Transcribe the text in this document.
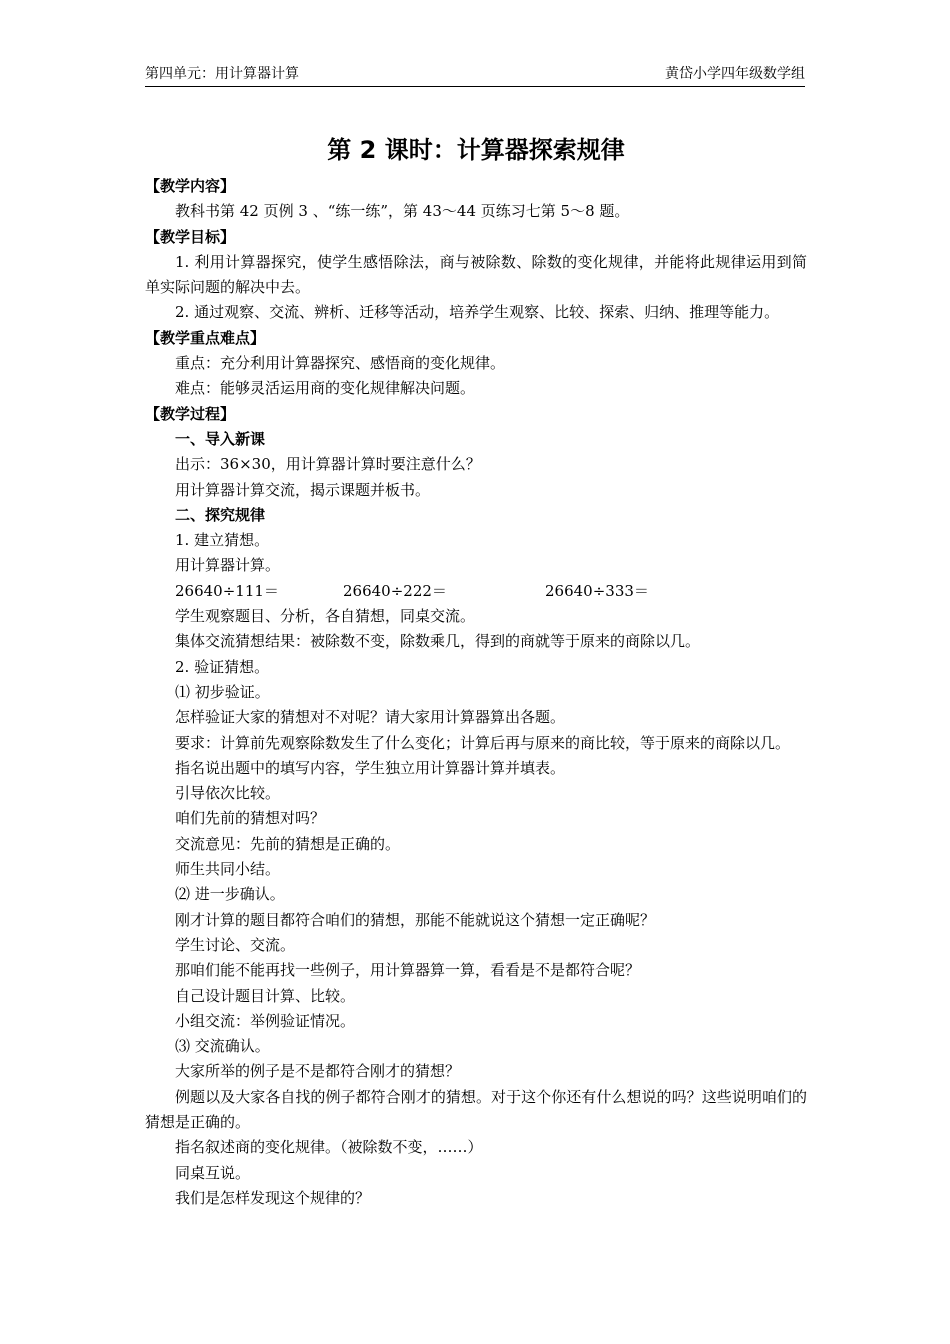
第四单元：用计算器计算	黄岱小学四年级数学组
第 2 课时：计算器探索规律

【教学内容】

教科书第 42 页例 3 、“练一练”，第 43～44 页练习七第 5～8 题。

【教学目标】

1. 利用计算器探究，使学生感悟除法，商与被除数、除数的变化规律，并能将此规律运用到简单实际问题的解决中去。

2. 通过观察、交流、辨析、迁移等活动，培养学生观察、比较、探索、归纳、推理等能力。

【教学重点难点】

重点：充分利用计算器探究、感悟商的变化规律。

难点：能够灵活运用商的变化规律解决问题。

【教学过程】

一、导入新课

出示：36×30，用计算器计算时要注意什么？

用计算器计算交流，揭示课题并板书。

二、探究规律

1. 建立猜想。

用计算器计算。

26640÷111＝	26640÷222＝	26640÷333＝

学生观察题目、分析，各自猜想，同桌交流。

集体交流猜想结果：被除数不变，除数乘几，得到的商就等于原来的商除以几。

2. 验证猜想。

⑴ 初步验证。

怎样验证大家的猜想对不对呢？请大家用计算器算出各题。

要求：计算前先观察除数发生了什么变化；计算后再与原来的商比较，等于原来的商除以几。

指名说出题中的填写内容，学生独立用计算器计算并填表。

引导依次比较。

咱们先前的猜想对吗？

交流意见：先前的猜想是正确的。

师生共同小结。

⑵ 进一步确认。

刚才计算的题目都符合咱们的猜想，那能不能就说这个猜想一定正确呢？

学生讨论、交流。

那咱们能不能再找一些例子，用计算器算一算，看看是不是都符合呢？

自己设计题目计算、比较。

小组交流：举例验证情况。

⑶ 交流确认。

大家所举的例子是不是都符合刚才的猜想？

例题以及大家各自找的例子都符合刚才的猜想。对于这个你还有什么想说的吗？这些说明咱们的猜想是正确的。

指名叙述商的变化规律。（被除数不变，……）

同桌互说。

我们是怎样发现这个规律的？
